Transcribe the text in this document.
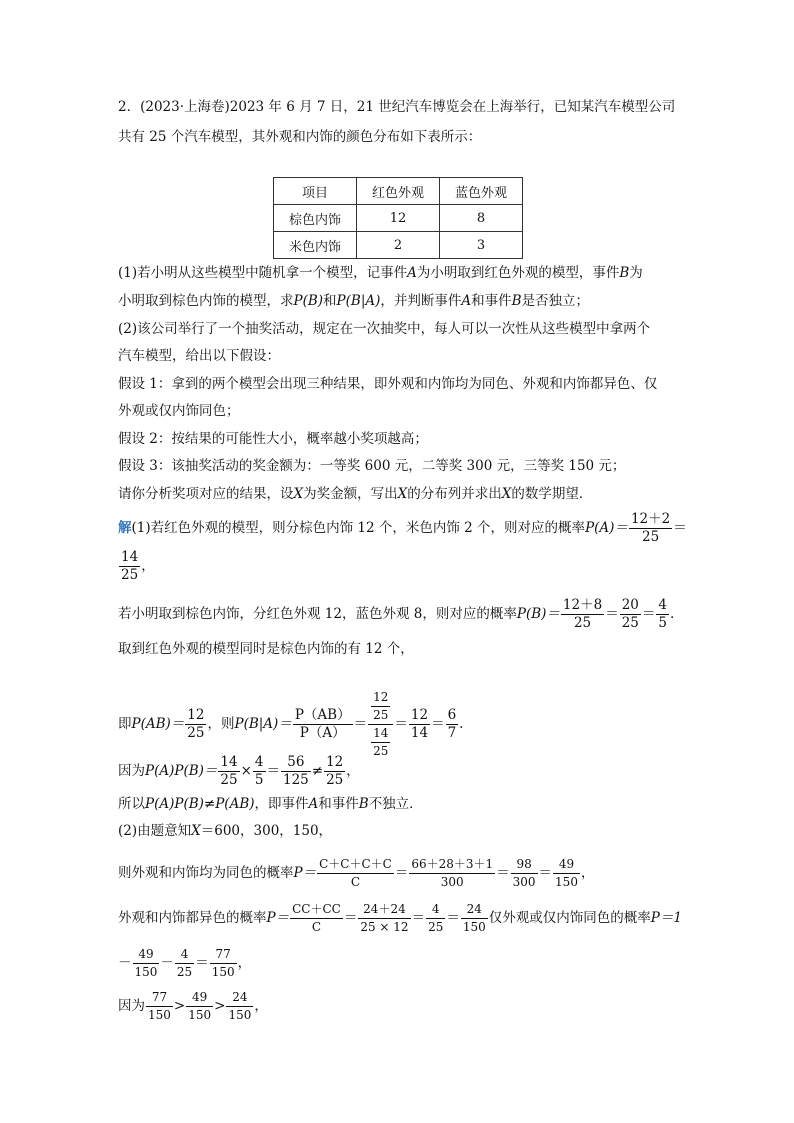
2．(2023·上海卷)2023 年 6 月 7 日，21 世纪汽车博览会在上海举行，已知某汽车模型公司
共有 25 个汽车模型，其外观和内饰的颜色分布如下表所示：
项目	红色外观	蓝色外观
棕色内饰	12	8
米色内饰	2	3
(1)若小明从这些模型中随机拿一个模型，记事件A为小明取到红色外观的模型，事件B为
小明取到棕色内饰的模型，求P(B)和P(B|A)，并判断事件A和事件B是否独立；
(2)该公司举行了一个抽奖活动，规定在一次抽奖中，每人可以一次性从这些模型中拿两个
汽车模型，给出以下假设：
假设 1：拿到的两个模型会出现三种结果，即外观和内饰均为同色、外观和内饰都异色、仅
外观或仅内饰同色；
假设 2：按结果的可能性大小，概率越小奖项越高；
假设 3：该抽奖活动的奖金额为：一等奖 600 元，二等奖 300 元，三等奖 150 元；
请你分析奖项对应的结果，设X为奖金额，写出X的分布列并求出X的数学期望．
解(1)若红色外观的模型，则分棕色内饰 12 个，米色内饰 2 个，则对应的概率$P(A)= \frac{12+2}{25}$ ＝
$\frac{14}{25}$ ，
若小明取到棕色内饰，分红色外观 12，蓝色外观 8，则对应的概率$P(B)= \frac{12+8}{25} = \frac{20}{25} = \frac{4}{5}$ .
取到红色外观的模型同时是棕色内饰的有 12 个，
即$P(AB)= \frac{12}{25}$ ，则$P(B|A)= \frac{P(AB)}{P(A)} = \frac{\frac{12}{25}}{\frac{14}{25}} = \frac{12}{14} = \frac{6}{7}$ .
因为$P(A)P(B)= \frac{14}{25} \times \frac{4}{5} = \frac{56}{125} \ne \frac{12}{25}$ ，
所以P(A)P(B)≠P(AB)，即事件A和事件B不独立．
(2)由题意知X＝600，300，150，
则外观和内饰均为同色的概率$P= \frac{C+C+C+C}{C} = \frac{66+28+3+1}{300} = \frac{98}{300} = \frac{49}{150}$ ，
外观和内饰都异色的概率$P= \frac{CC+CC}{C} = \frac{24+24}{25 \times 12} = \frac{4}{25} = \frac{24}{150}$ 仅外观或仅内饰同色的概率P＝1
－ $\frac{49}{150} - \frac{4}{25} = \frac{77}{150}$ ，
因为 $\frac{77}{150} > \frac{49}{150} > \frac{24}{150}$ ，
